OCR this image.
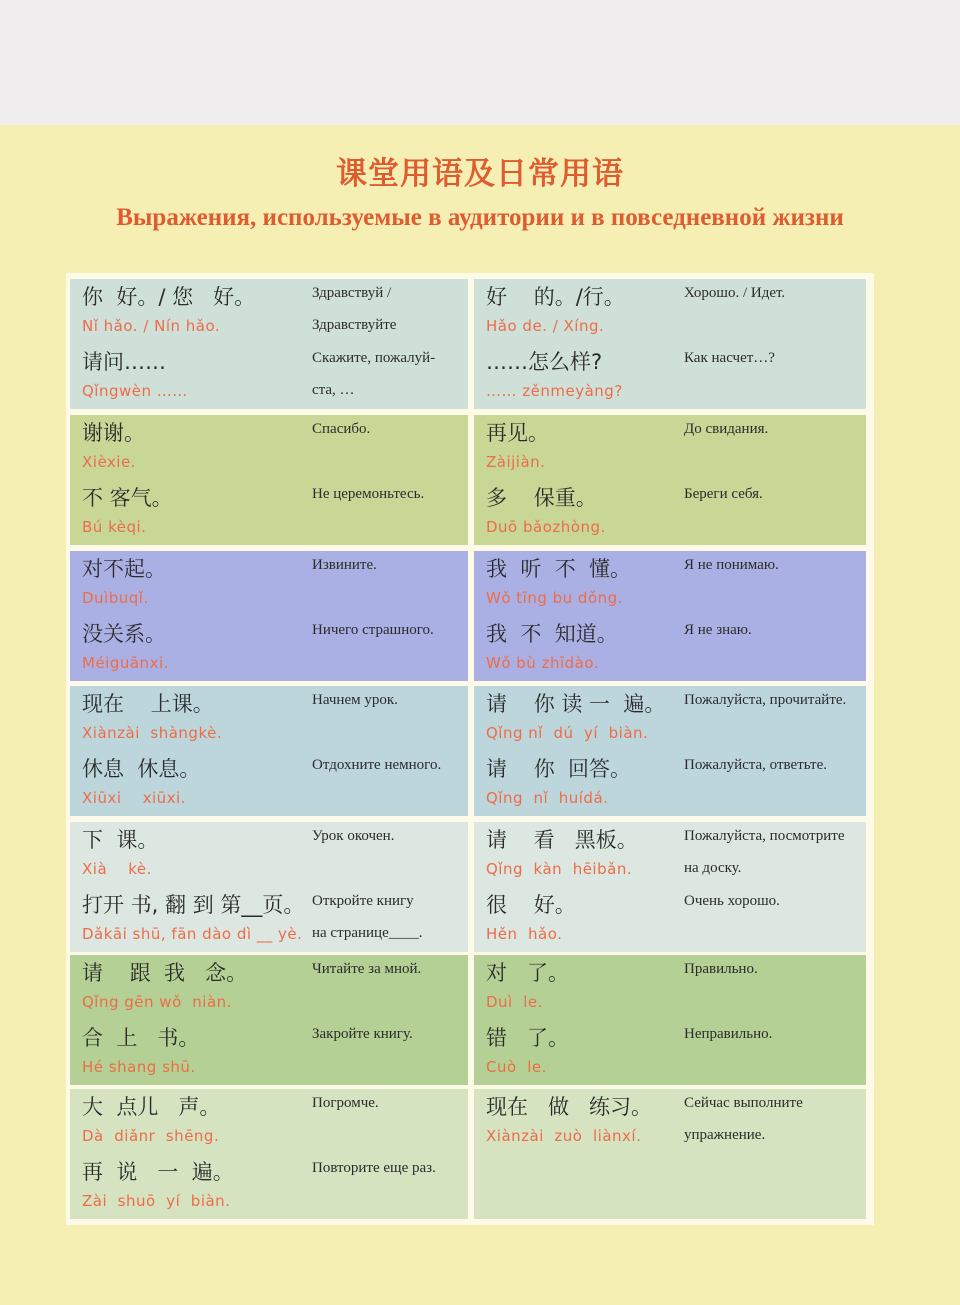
课堂用语及日常用语
Выражения, используемые в аудитории и в повседневной жизни
你  好。/ 您   好。
Nǐ hǎo. / Nín hǎo.
Здравствуй /
Здравствуйте
请问……
Qǐngwèn ……
Скажите, пожалуй-
ста, …
好    的。/行。
Hǎo de. / Xíng.
Хорошо. / Идет.
……怎么样?
…… zěnmeyàng?
Как насчет…?
谢谢。
Xièxie.
Спасибо.
不 客气。
Bú kèqi.
Не церемоньтесь.
再见。
Zàijiàn.
До свидания.
多    保重。
Duō bǎozhòng.
Береги себя.
对不起。
Duìbuqǐ.
Извините.
没关系。
Méiguānxi.
Ничего страшного.
我  听  不  懂。
Wǒ tīng bu dǒng.
Я не понимаю.
我  不  知道。
Wǒ bù zhīdào.
Я не знаю.
现在    上课。
Xiànzài  shàngkè.
Начнем урок.
休息  休息。
Xiūxi    xiūxi.
Отдохните немного.
请    你 读 一  遍。
Qǐng nǐ  dú  yí  biàn.
Пожалуйста, прочитайте.
请    你  回答。
Qǐng  nǐ  huídá.
Пожалуйста, ответьте.
下  课。
Xià    kè.
Урок окочен.
打开 书, 翻 到 第__页。
Dǎkāi shū, fān dào dì __ yè.
Откройте книгу
на странице____.
请    看   黑板。
Qǐng  kàn  hēibǎn.
Пожалуйста, посмотрите
на доску.
很    好。
Hěn  hǎo.
Очень хорошо.
请    跟  我   念。
Qǐng gēn wǒ  niàn.
Читайте за мной.
合  上   书。
Hé shang shū.
Закройте книгу.
对   了。
Duì  le.
Правильно.
错   了。
Cuò  le.
Неправильно.
大  点儿   声。
Dà  diǎnr  shēng.
Погромче.
再  说   一  遍。
Zài  shuō  yí  biàn.
Повторите еще раз.
现在   做   练习。
Xiànzài  zuò  liànxí.
Сейчас выполните
упражнение.
